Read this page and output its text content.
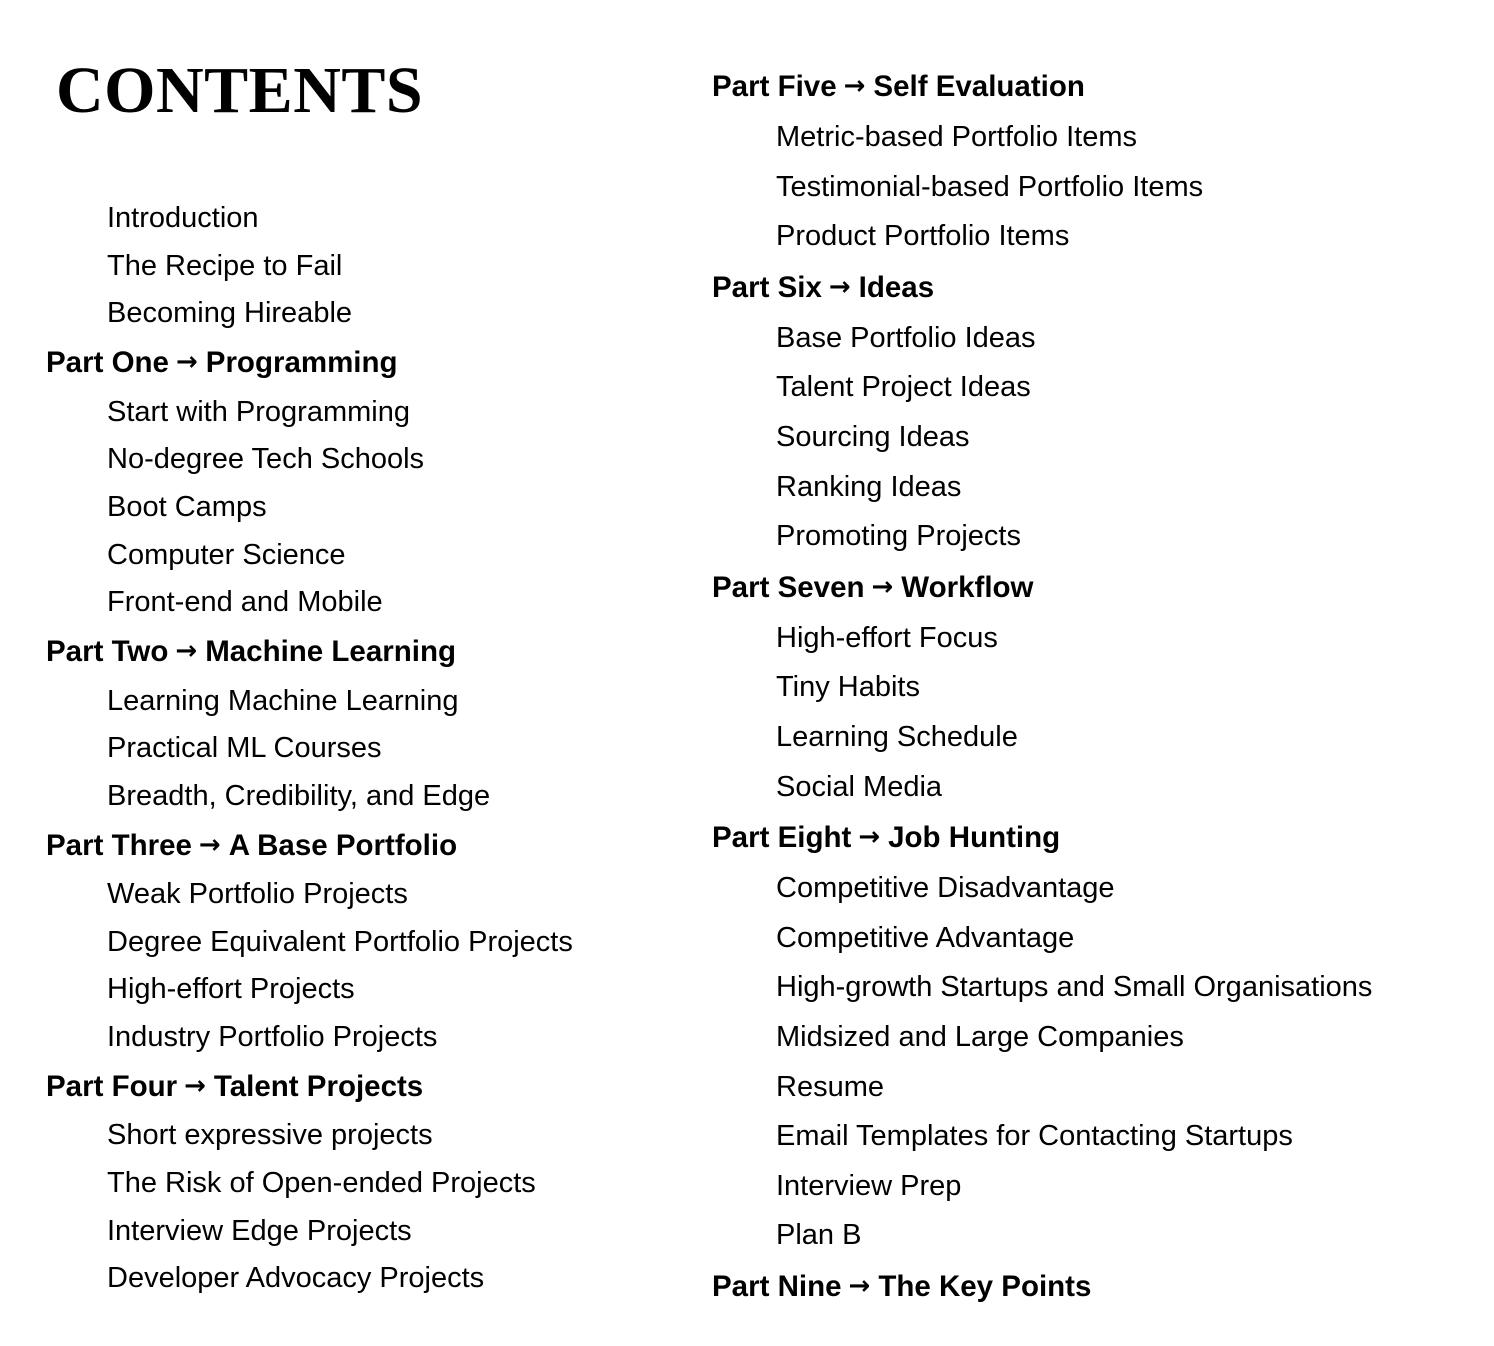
CONTENTS
Introduction
The Recipe to Fail
Becoming Hireable
Part One → Programming
Start with Programming
No-degree Tech Schools
Boot Camps
Computer Science
Front-end and Mobile
Part Two → Machine Learning
Learning Machine Learning
Practical ML Courses
Breadth, Credibility, and Edge
Part Three → A Base Portfolio
Weak Portfolio Projects
Degree Equivalent Portfolio Projects
High-effort Projects
Industry Portfolio Projects
Part Four → Talent Projects
Short expressive projects
The Risk of Open-ended Projects
Interview Edge Projects
Developer Advocacy Projects
Part Five → Self Evaluation
Metric-based Portfolio Items
Testimonial-based Portfolio Items
Product Portfolio Items
Part Six → Ideas
Base Portfolio Ideas
Talent Project Ideas
Sourcing Ideas
Ranking Ideas
Promoting Projects
Part Seven → Workflow
High-effort Focus
Tiny Habits
Learning Schedule
Social Media
Part Eight → Job Hunting
Competitive Disadvantage
Competitive Advantage
High-growth Startups and Small Organisations
Midsized and Large Companies
Resume
Email Templates for Contacting Startups
Interview Prep
Plan B
Part Nine → The Key Points
